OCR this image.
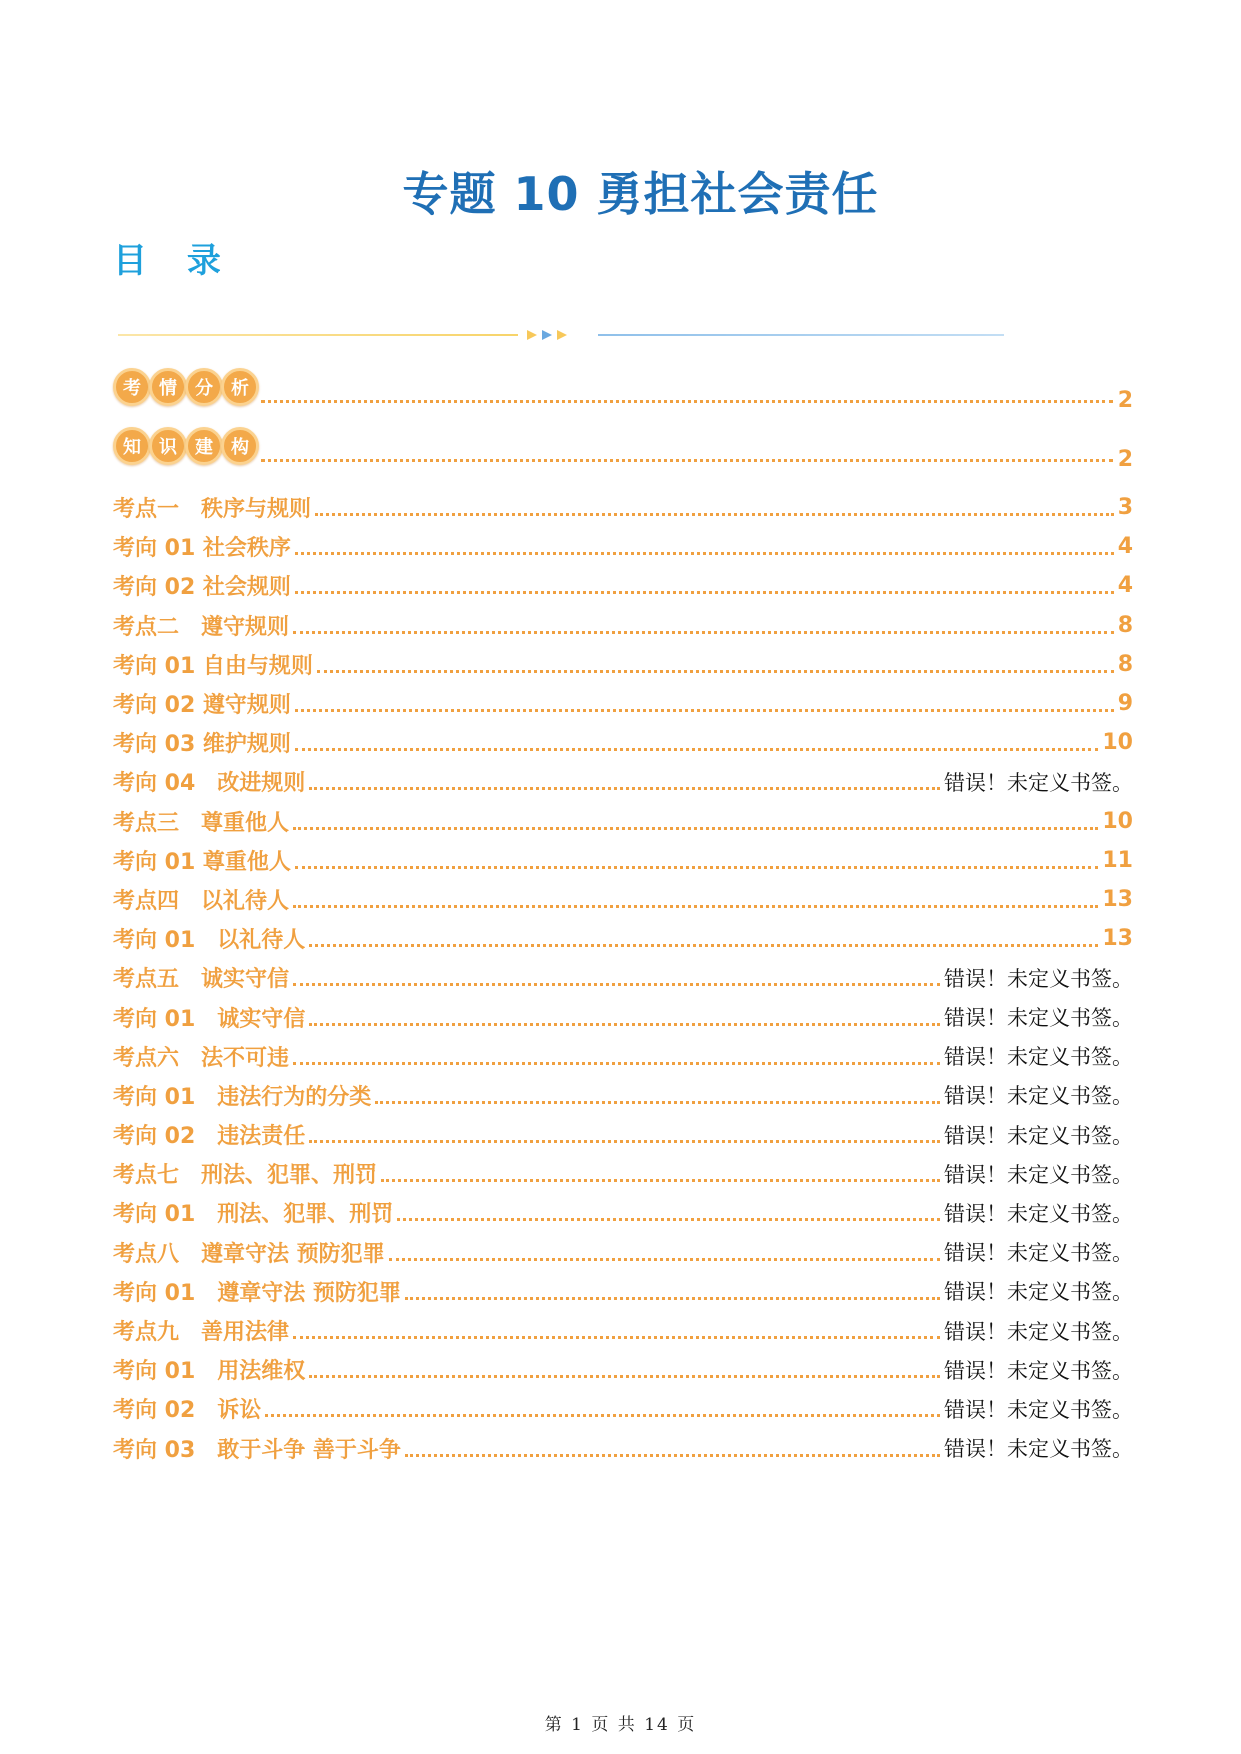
专题 10 勇担社会责任
目 录
考	情	分	析	2
知	识	建	构	2
考点一　秩序与规则	3
考向 01 社会秩序	4
考向 02 社会规则	4
考点二　遵守规则	8
考向 01 自由与规则	8
考向 02 遵守规则	9
考向 03 维护规则	10
考向 04　改进规则	错误！未定义书签。
考点三　尊重他人	10
考向 01 尊重他人	11
考点四　以礼待人	13
考向 01　以礼待人	13
考点五　诚实守信	错误！未定义书签。
考向 01　诚实守信	错误！未定义书签。
考点六　法不可违	错误！未定义书签。
考向 01　违法行为的分类	错误！未定义书签。
考向 02　违法责任	错误！未定义书签。
考点七　刑法、犯罪、刑罚	错误！未定义书签。
考向 01　刑法、犯罪、刑罚	错误！未定义书签。
考点八　遵章守法 预防犯罪	错误！未定义书签。
考向 01　遵章守法 预防犯罪	错误！未定义书签。
考点九　善用法律	错误！未定义书签。
考向 01　用法维权	错误！未定义书签。
考向 02　诉讼	错误！未定义书签。
考向 03　敢于斗争 善于斗争	错误！未定义书签。
第 1 页 共 14 页
